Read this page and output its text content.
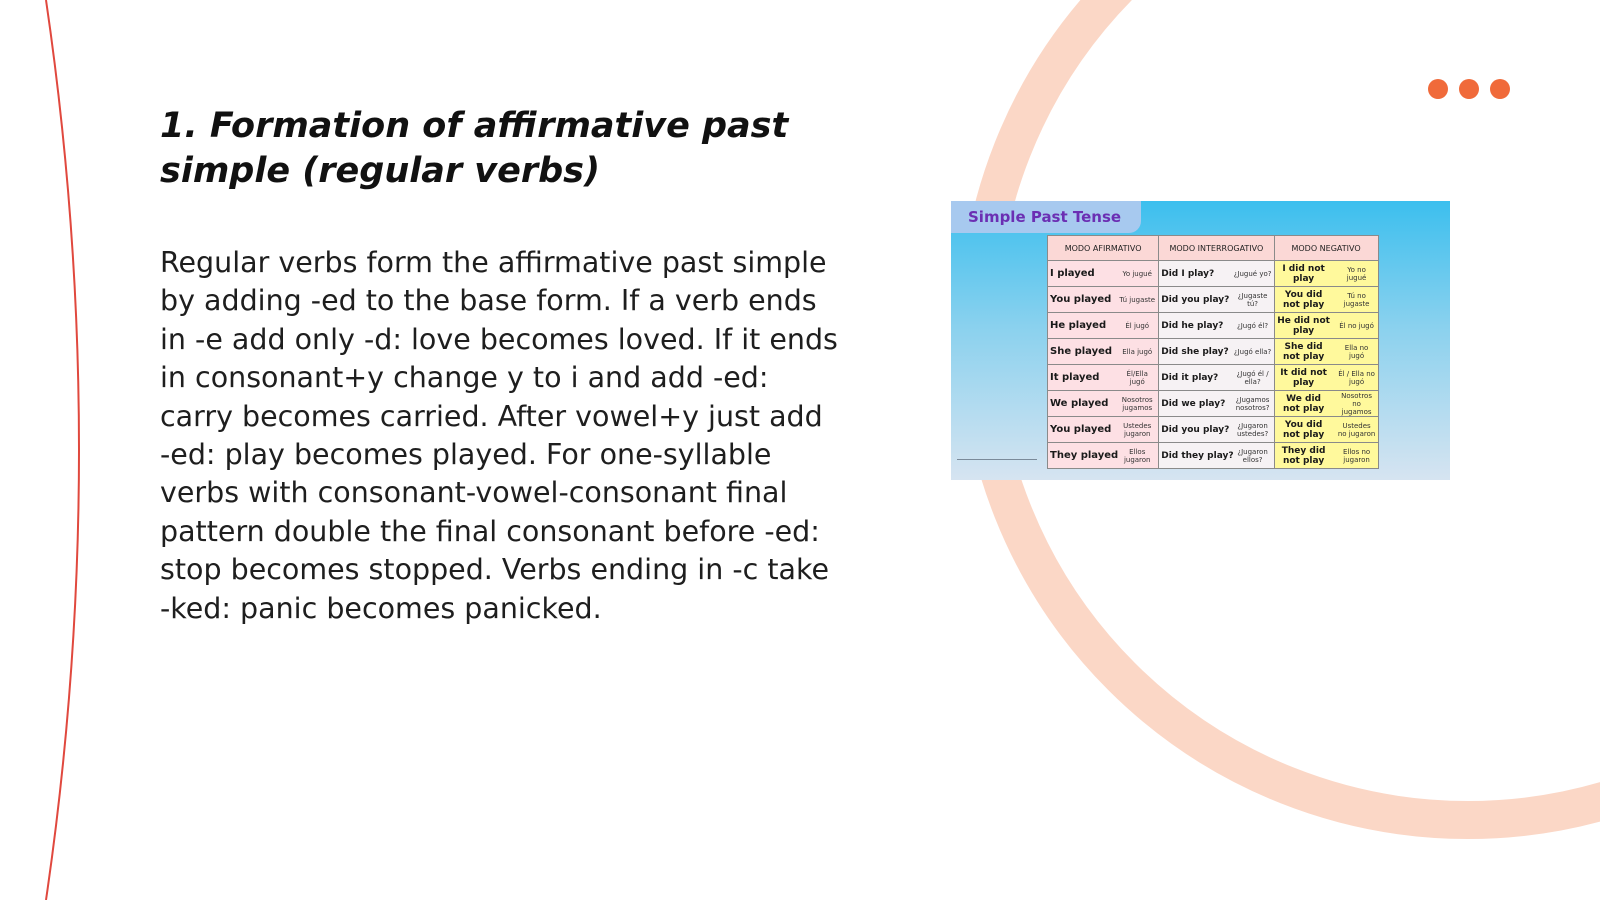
1. Formation of affirmative past simple (regular verbs)

Regular verbs form the affirmative past simple by adding -ed to the base form. If a verb ends in -e add only -d: love becomes loved. If it ends in consonant+y change y to i and add -ed: carry becomes carried. After vowel+y just add -ed: play becomes played. For one-syllable verbs with consonant-vowel-consonant final pattern double the final consonant before -ed: stop becomes stopped. Verbs ending in -c take -ked: panic becomes panicked.

Simple Past Tense
MODO AFIRMATIVO	MODO INTERROGATIVO	MODO NEGATIVO

I played Yo jugué	Did I play? ¿Jugué yo?	I did not play
Yo no jugué

You played Tú jugaste	Did you play? ¿Jugaste tú?	You did not play
Tú no jugaste

He played Él jugó	Did he play? ¿Jugó él?	He did not play Él no jugó

She played Ella jugó	Did she play? ¿Jugó ella?	She did not play
Ella no jugó

It played Él/Ella jugó	Did it play? ¿Jugó él / ella?	It did not play
Él / Ella no jugó

We played Nosotros jugamos	Did we play? ¿Jugamos nosotros?	We did not play
Nosotros no jugamos

You played Ustedes jugaron	Did you play? ¿Jugaron ustedes?	You did not play
Ustedes no jugaron

They played Ellos jugaron	Did they play? ¿Jugaron ellos?	They did not play
Ellos no jugaron
